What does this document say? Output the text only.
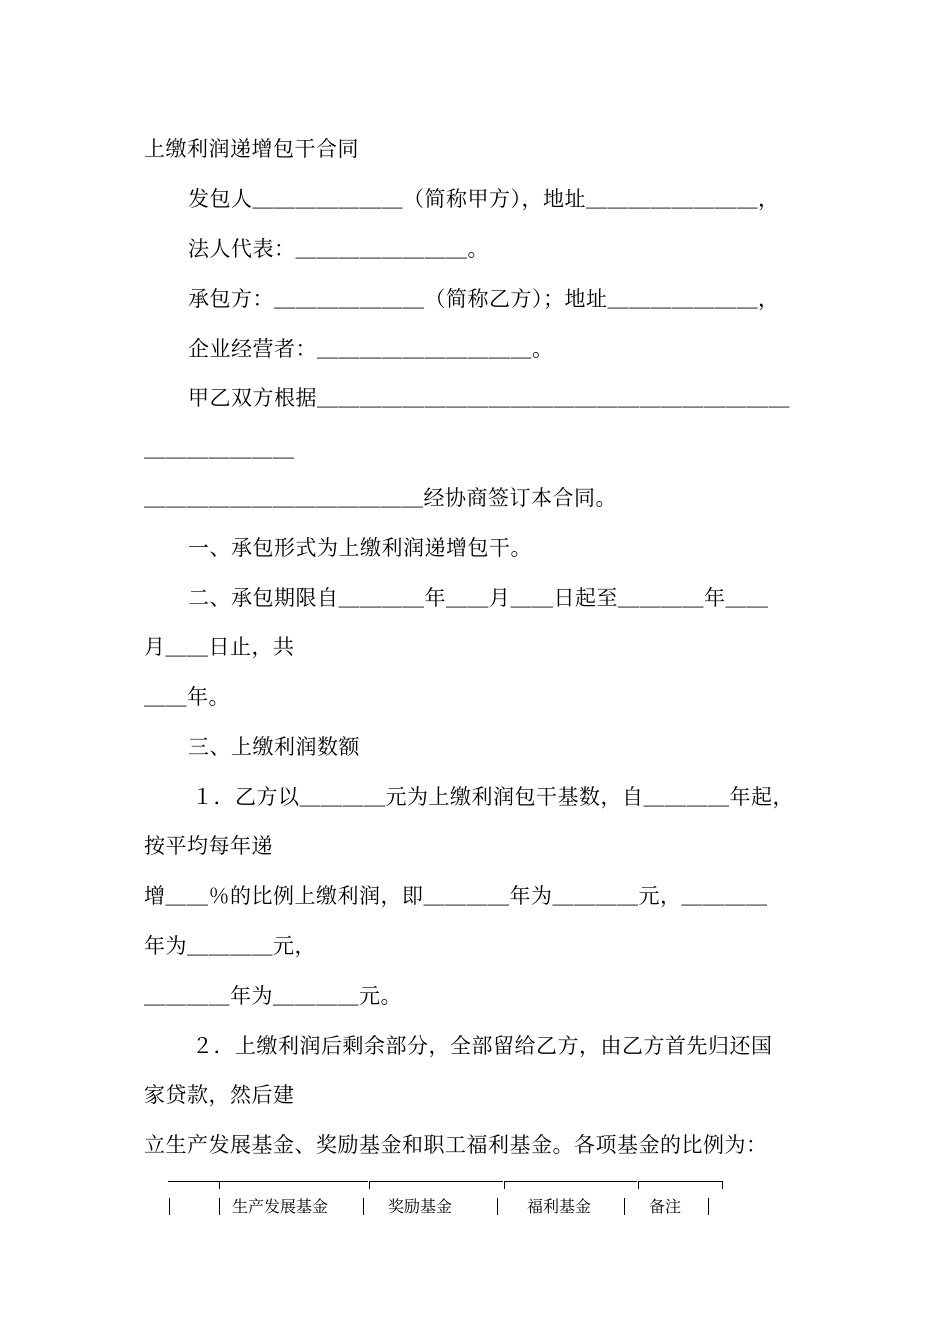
上缴利润递增包干合同
发包人＿＿＿＿＿＿＿（简称甲方），地址＿＿＿＿＿＿＿＿，
法人代表：＿＿＿＿＿＿＿＿。
承包方：＿＿＿＿＿＿＿（简称乙方）；地址＿＿＿＿＿＿＿，
企业经营者：＿＿＿＿＿＿＿＿＿＿。
甲乙双方根据＿＿＿＿＿＿＿＿＿＿＿＿＿＿＿＿＿＿＿＿＿＿
＿＿＿＿＿＿＿
＿＿＿＿＿＿＿＿＿＿＿＿＿经协商签订本合同。
一、承包形式为上缴利润递增包干。
二、承包期限自＿＿＿＿年＿＿月＿＿日起至＿＿＿＿年＿＿
月＿＿日止，共
＿＿年。
三、上缴利润数额
１．乙方以＿＿＿＿元为上缴利润包干基数，自＿＿＿＿年起，
按平均每年递
增＿＿％的比例上缴利润，即＿＿＿＿年为＿＿＿＿元，＿＿＿＿
年为＿＿＿＿元，
＿＿＿＿年为＿＿＿＿元。
２．上缴利润后剩余部分，全部留给乙方，由乙方首先归还国
家贷款，然后建
立生产发展基金、奖励基金和职工福利基金。各项基金的比例为：
生产发展基金	奖励基金	福利基金	备注
